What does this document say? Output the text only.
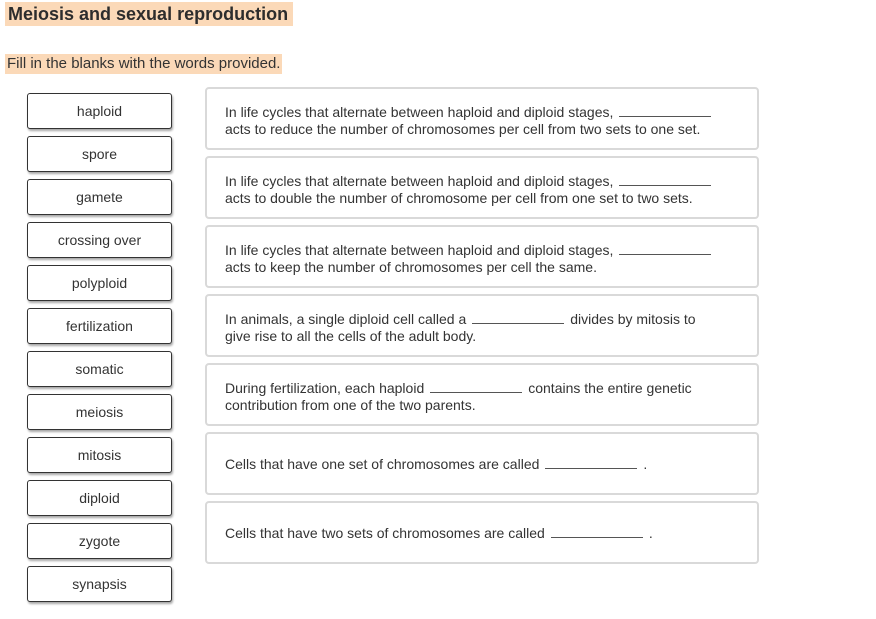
Meiosis and sexual reproduction
Fill in the blanks with the words provided.
haploid
spore
gamete
crossing over
polyploid
fertilization
somatic
meiosis
mitosis
diploid
zygote
synapsis
In life cycles that alternate between haploid and diploid stages,
acts to reduce the number of chromosomes per cell from two sets to one set.
In life cycles that alternate between haploid and diploid stages,
acts to double the number of chromosome per cell from one set to two sets.
In life cycles that alternate between haploid and diploid stages,
acts to keep the number of chromosomes per cell the same.
In animals, a single diploid cell called a	divides by mitosis to
give rise to all the cells of the adult body.
During fertilization, each haploid	contains the entire genetic
contribution from one of the two parents.
Cells that have one set of chromosomes are called	.
Cells that have two sets of chromosomes are called	.
